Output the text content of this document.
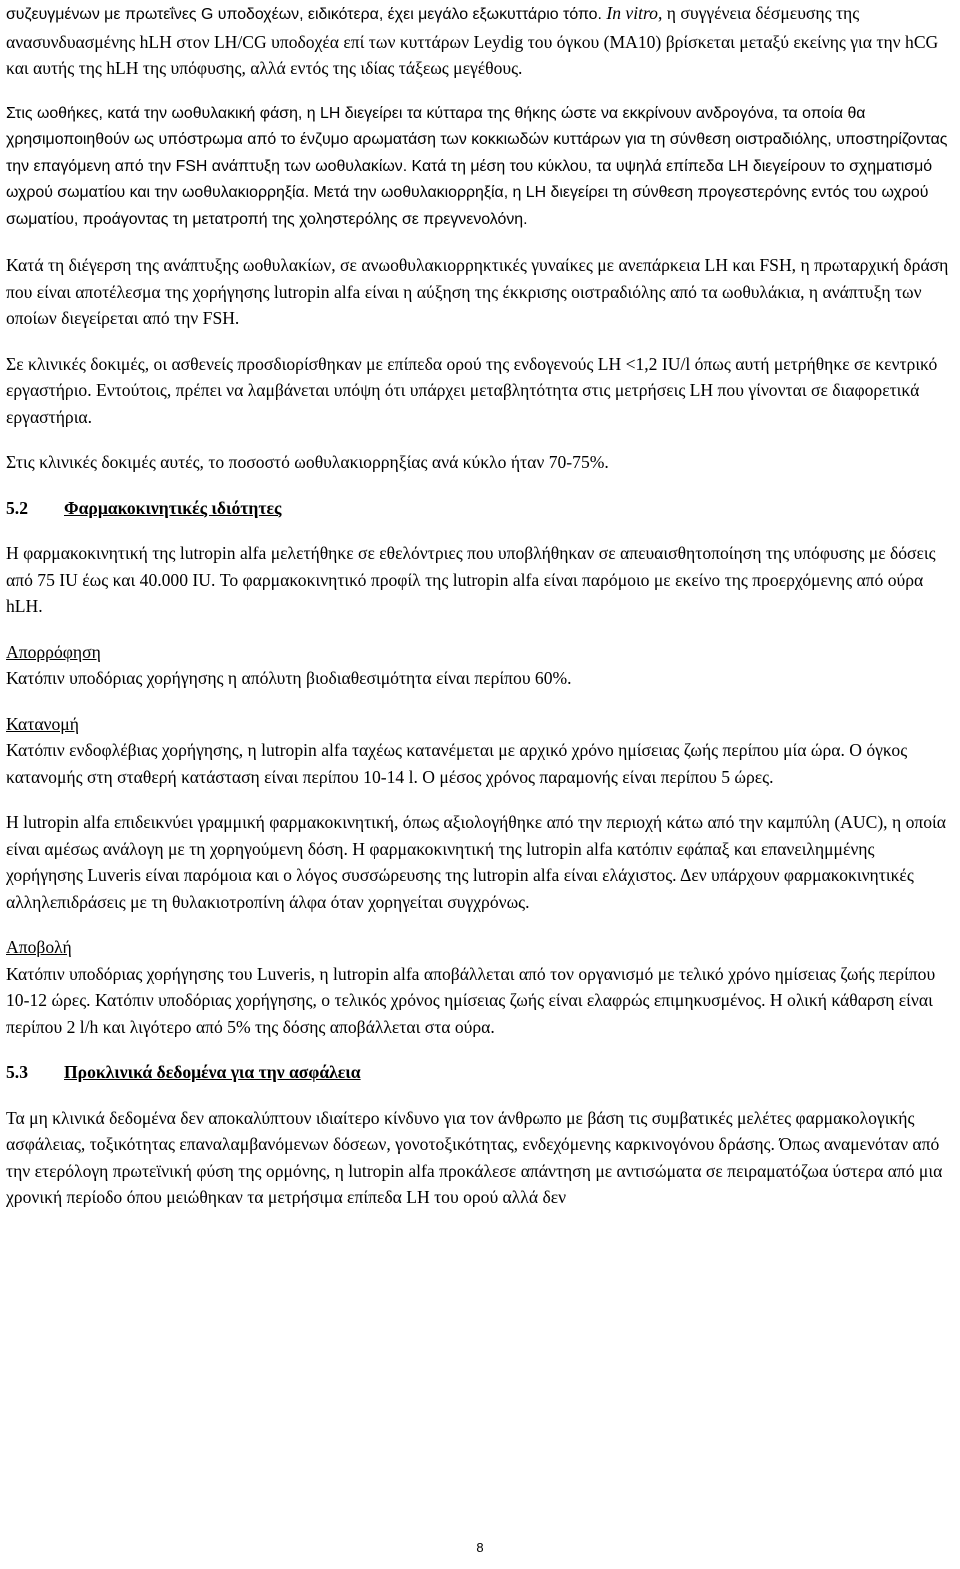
συζευγμένων με πρωτεΐνες G υποδοχέων, ειδικότερα, έχει μεγάλο εξωκυττάριο τόπο. In vitro, η συγγένεια δέσμευσης της ανασυνδυασμένης hLH στον LH/CG υποδοχέα επί των κυττάρων Leydig του όγκου (MA10) βρίσκεται μεταξύ εκείνης για την hCG και αυτής της hLH της υπόφυσης, αλλά εντός της ιδίας τάξεως μεγέθους.

Στις ωοθήκες, κατά την ωοθυλακική φάση, η LH διεγείρει τα κύτταρα της θήκης ώστε να εκκρίνουν ανδρογόνα, τα οποία θα χρησιμοποιηθούν ως υπόστρωμα από το ένζυμο αρωματάση των κοκκιωδών κυττάρων για τη σύνθεση οιστραδιόλης, υποστηρίζοντας την επαγόμενη από την FSH ανάπτυξη των ωοθυλακίων. Κατά τη μέση του κύκλου, τα υψηλά επίπεδα LH διεγείρουν το σχηματισμό ωχρού σωματίου και την ωοθυλακιορρηξία. Μετά την ωοθυλακιορρηξία, η LH διεγείρει τη σύνθεση προγεστερόνης εντός του ωχρού σωματίου, προάγοντας τη μετατροπή της χοληστερόλης σε πρεγνενολόνη.

Κατά τη διέγερση της ανάπτυξης ωοθυλακίων, σε ανωοθυλακιορρηκτικές γυναίκες με ανεπάρκεια LH και FSH, η πρωταρχική δράση που είναι αποτέλεσμα της χορήγησης lutropin alfa είναι η αύξηση της έκκρισης οιστραδιόλης από τα ωοθυλάκια, η ανάπτυξη των οποίων διεγείρεται από την FSH.

Σε κλινικές δοκιμές, οι ασθενείς προσδιορίσθηκαν με επίπεδα ορού της ενδογενούς LH <1,2 IU/l όπως αυτή μετρήθηκε σε κεντρικό εργαστήριο. Εντούτοις, πρέπει να λαμβάνεται υπόψη ότι υπάρχει μεταβλητότητα στις μετρήσεις LH που γίνονται σε διαφορετικά εργαστήρια.

Στις κλινικές δοκιμές αυτές, το ποσοστό ωοθυλακιορρηξίας ανά κύκλο ήταν 70-75%.

5.2	Φαρμακοκινητικές ιδιότητες

Η φαρμακοκινητική της lutropin alfa μελετήθηκε σε εθελόντριες που υποβλήθηκαν σε απευαισθητοποίηση της υπόφυσης με δόσεις από 75 IU έως και 40.000 IU. Το φαρμακοκινητικό προφίλ της lutropin alfa είναι παρόμοιο με εκείνο της προερχόμενης από ούρα hLH.

Απορρόφηση
Κατόπιν υποδόριας χορήγησης η απόλυτη βιοδιαθεσιμότητα είναι περίπου 60%.

Κατανομή
Κατόπιν ενδοφλέβιας χορήγησης, η lutropin alfa ταχέως κατανέμεται με αρχικό χρόνο ημίσειας ζωής περίπου μία ώρα. Ο όγκος κατανομής στη σταθερή κατάσταση είναι περίπου 10-14 l. Ο μέσος χρόνος παραμονής είναι περίπου 5 ώρες.

Η lutropin alfa επιδεικνύει γραμμική φαρμακοκινητική, όπως αξιολογήθηκε από την περιοχή κάτω από την καμπύλη (AUC), η οποία είναι αμέσως ανάλογη με τη χορηγούμενη δόση. Η φαρμακοκινητική της lutropin alfa κατόπιν εφάπαξ και επανειλημμένης χορήγησης Luveris είναι παρόμοια και ο λόγος συσσώρευσης της lutropin alfa είναι ελάχιστος. Δεν υπάρχουν φαρμακοκινητικές αλληλεπιδράσεις με τη θυλακιοτροπίνη άλφα όταν χορηγείται συγχρόνως.

Αποβολή
Κατόπιν υποδόριας χορήγησης του Luveris, η lutropin alfa αποβάλλεται από τον οργανισμό με τελικό χρόνο ημίσειας ζωής περίπου 10-12 ώρες. Κατόπιν υποδόριας χορήγησης, ο τελικός χρόνος ημίσειας ζωής είναι ελαφρώς επιμηκυσμένος. Η ολική κάθαρση είναι περίπου 2 l/h και λιγότερο από 5% της δόσης αποβάλλεται στα ούρα.

5.3	Προκλινικά δεδομένα για την ασφάλεια

Τα μη κλινικά δεδομένα δεν αποκαλύπτουν ιδιαίτερο κίνδυνο για τον άνθρωπο με βάση τις συμβατικές μελέτες φαρμακολογικής ασφάλειας, τοξικότητας επαναλαμβανόμενων δόσεων, γονοτοξικότητας, ενδεχόμενης καρκινογόνου δράσης. Όπως αναμενόταν από την ετερόλογη πρωτεϊνική φύση της ορμόνης, η lutropin alfa προκάλεσε απάντηση με αντισώματα σε πειραματόζωα ύστερα από μια χρονική περίοδο όπου μειώθηκαν τα μετρήσιμα επίπεδα LH του ορού αλλά δεν

8
